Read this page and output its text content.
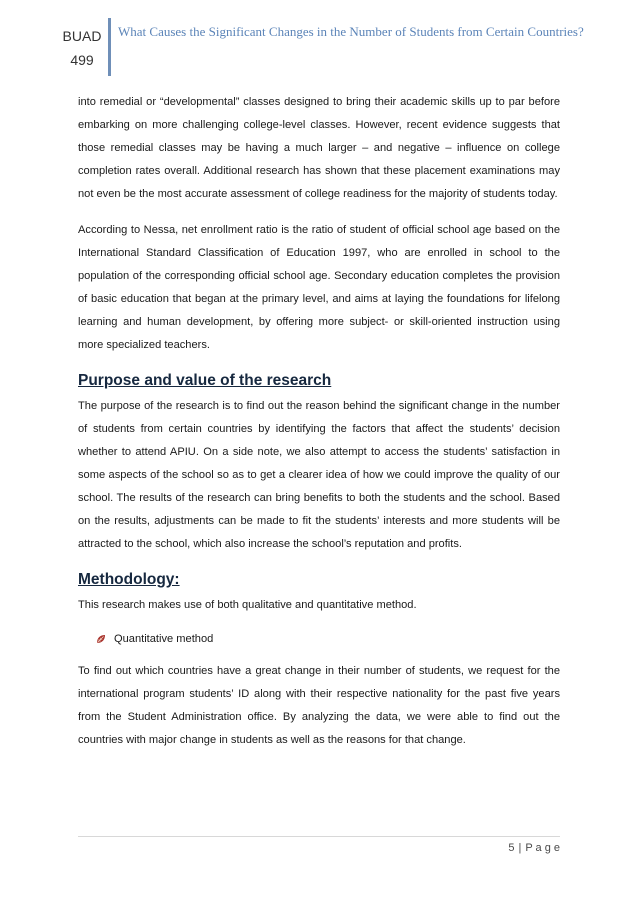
BUAD
499
What Causes the Significant Changes in the Number of Students from Certain Countries?

into remedial or “developmental” classes designed to bring their academic skills up to par before embarking on more challenging college-level classes. However, recent evidence suggests that those remedial classes may be having a much larger – and negative – influence on college completion rates overall. Additional research has shown that these placement examinations may not even be the most accurate assessment of college readiness for the majority of students today.

According to Nessa, net enrollment ratio is the ratio of student of official school age based on the International Standard Classification of Education 1997, who are enrolled in school to the population of the corresponding official school age. Secondary education completes the provision of basic education that began at the primary level, and aims at laying the foundations for lifelong learning and human development, by offering more subject- or skill-oriented instruction using more specialized teachers.

Purpose and value of the research

The purpose of the research is to find out the reason behind the significant change in the number of students from certain countries by identifying the factors that affect the students’ decision whether to attend APIU. On a side note, we also attempt to access the students’ satisfaction in some aspects of the school so as to get a clearer idea of how we could improve the quality of our school. The results of the research can bring benefits to both the students and the school. Based on the results, adjustments can be made to fit the students’ interests and more students will be attracted to the school, which also increase the school’s reputation and profits.

Methodology:

This research makes use of both qualitative and quantitative method.

Quantitative method

To find out which countries have a great change in their number of students, we request for the international program students’ ID along with their respective nationality for the past five years from the Student Administration office. By analyzing the data, we were able to find out the countries with major change in students as well as the reasons for that change.

5 | P a g e
